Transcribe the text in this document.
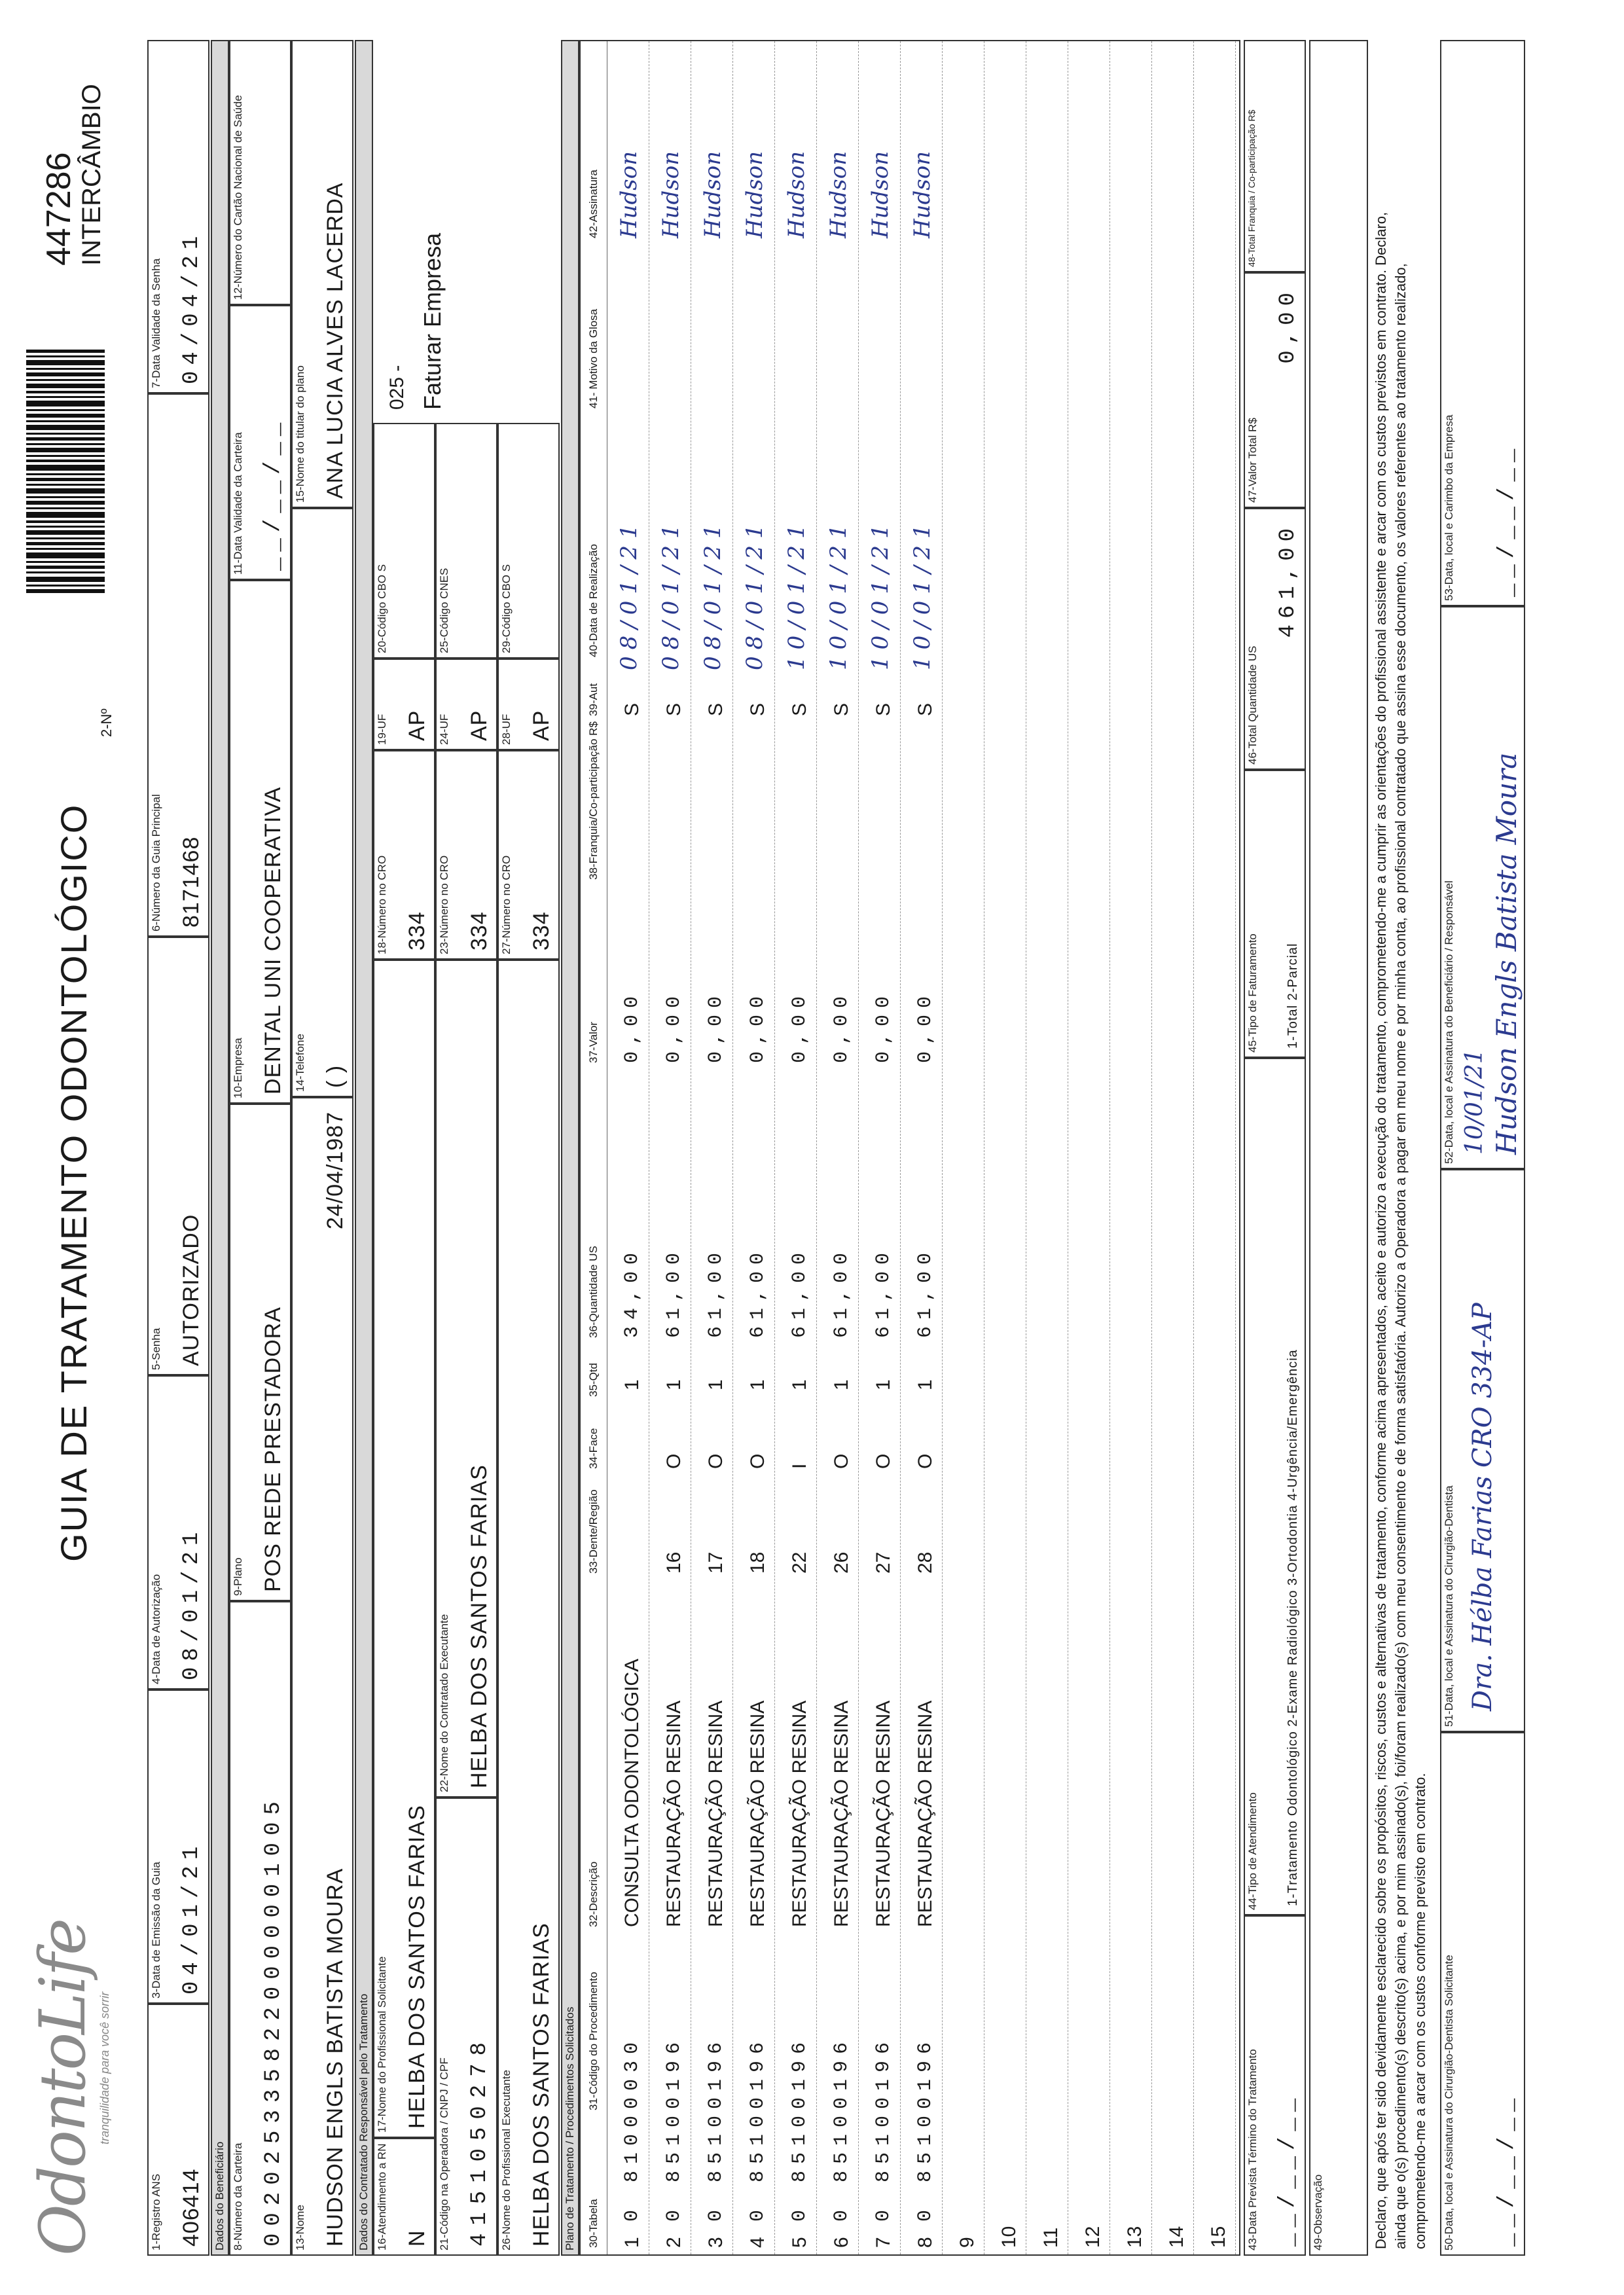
OdontoLife
tranquilidade para você sorrir
GUIA DE TRATAMENTO ODONTOLÓGICO
2-Nº
447286 INTERCÂMBIO
1-Registro ANS 406414
3-Data de Emissão da Guia 04/01/21
4-Data de Autorização 08/01/21
5-Senha AUTORIZADO
6-Número da Guia Principal 8171468
7-Data Validade da Senha 04/04/21
Dados do Beneficiário 8-Número da Carteira 0020253358220000001005
9-Plano POS REDE PRESTADORA
10-Empresa DENTAL UNI COOPERATIVA
11-Data Validade da Carteira __/__/__
12-Número do Cartão Nacional de Saúde
13-Nome HUDSON ENGLS BATISTA MOURA
24/04/1987
14-Telefone ( )
15-Nome do titular do plano ANA LUCIA ALVES LACERDA
Dados do Contratado Responsável pelo Tratamento 16-Atendimento a RN N
17-Nome do Profissional Solicitante HELBA DOS SANTOS FARIAS
18-Número no CRO 334
19-UF AP
20-Código CBO S
025 - Faturar Empresa
21-Código na Operadora / CNPJ / CPF 4151050278
22-Nome do Contratado Executante HELBA DOS SANTOS FARIAS
23-Número no CRO 334
24-UF AP
25-Código CNES
26-Nome do Profissional Executante HELBA DOS SANTOS FARIAS
27-Número no CRO 334
28-UF AP
29-Código CBO S
Plano de Tratamento / Procedimentos Solicitados 30-Tabela
31-Código do Procedimento
32-Descrição
33-Dente/Região
34-Face
35-Qtd
36-Quantidade US
37-Valor
38-Franquia/Co-participação R$
39-Aut
40-Data de Realização
41- Motivo da Glosa
42-Assinatura
1
0
81000030
CONSULTA ODONTOLÓGICA
1
34,00
0,00
S
08/01/21
Hudson
2
0
85100196
RESTAURAÇÃO RESINA
16
O
1
61,00
0,00
S
08/01/21
Hudson
3
0
85100196
RESTAURAÇÃO RESINA
17
O
1
61,00
0,00
S
08/01/21
Hudson
4
0
85100196
RESTAURAÇÃO RESINA
18
O
1
61,00
0,00
S
08/01/21
Hudson
5
0
85100196
RESTAURAÇÃO RESINA
22
I
1
61,00
0,00
S
10/01/21
Hudson
6
0
85100196
RESTAURAÇÃO RESINA
26
O
1
61,00
0,00
S
10/01/21
Hudson
7
0
85100196
RESTAURAÇÃO RESINA
27
O
1
61,00
0,00
S
10/01/21
Hudson
8
0
85100196
RESTAURAÇÃO RESINA
28
O
1
61,00
0,00
S
10/01/21
Hudson
9 10 11 12 13 14 15 43-Data Prevista Término do Tratamento __/__/__
44-Tipo de Atendimento 1-Tratamento Odontológico 2-Exame Radiológico 3-Ortodontia 4-Urgência/Emergência
45-Tipo de Faturamento 1-Total 2-Parcial
46-Total Quantidade US
461,00
47-Valor Total R$
0,00
48-Total Franquia / Co-participação R$
49-Observação	Declaro, que após ter sido devidamente esclarecido sobre os propósitos, riscos, custos e alternativas de tratamento, conforme acima apresentados, aceito e autorizo a execução do tratamento, comprometendo-me a cumprir as orientações do profissional assistente e arcar com os custos previstos em contrato. Declaro, ainda que o(s) procedimento(s) descrito(s) acima, e por mim assinado(s), foi/foram realizado(s) com meu consentimento e de forma satisfatória. Autorizo a Operadora a pagar em meu nome e por minha conta, ao profissional contratado que assina esse documento, os valores referentes ao tratamento realizado, comprometendo-me a arcar com os custos conforme previsto em contrato. 50-Data, local e Assinatura do Cirurgião-Dentista Solicitante __/__/__
51-Data, local e Assinatura do Cirurgião-Dentista Dra. Hélba Farias CRO 334-AP
52-Data, local e Assinatura do Beneficiário / Responsável 10/01/21 Hudson Engls Batista Moura
53-Data, local e Carimbo da Empresa __/__/__
